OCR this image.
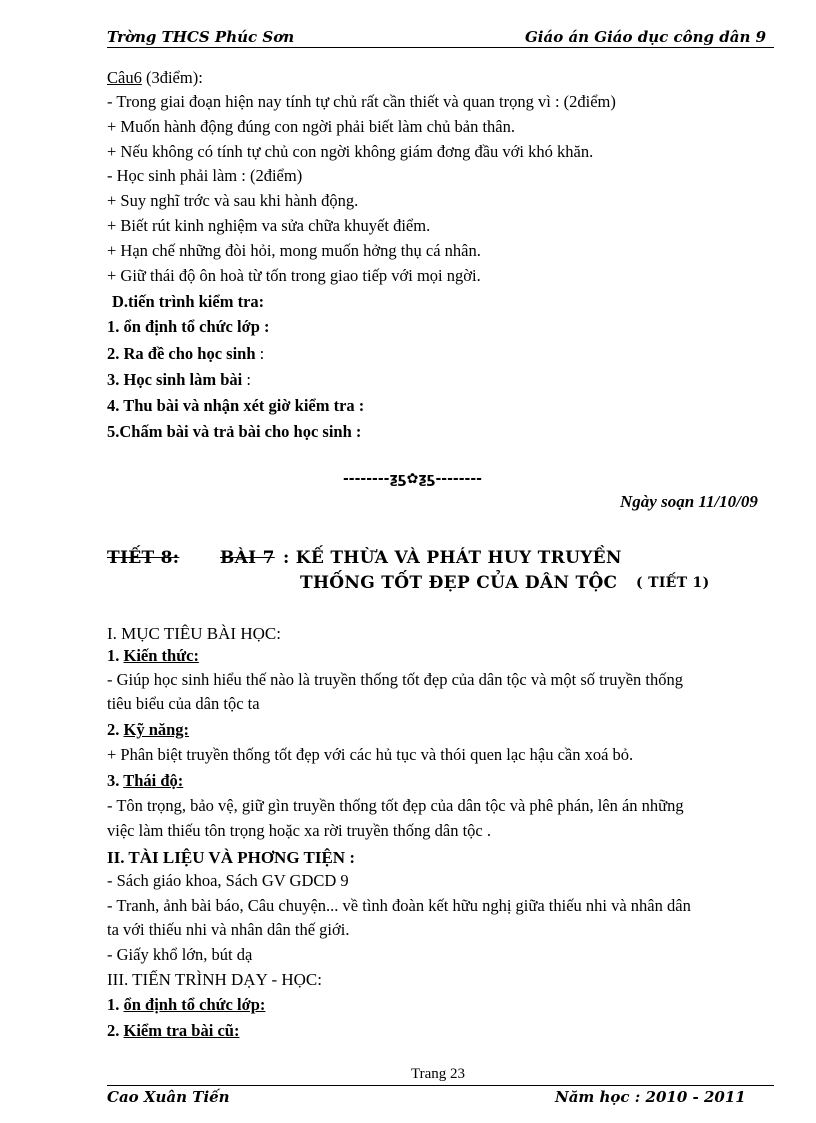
Trờng THCS Phúc Sơn	Giáo án Giáo dục công dân 9
Câu6 (3điểm):
- Trong giai đoạn hiện nay tính tự chủ rất cần thiết và quan trọng vì : (2điểm)
+ Muốn hành động đúng con ngời phải biết làm chủ bản thân.
+ Nếu không có tính tự chủ con ngời không giám đơng đầu với khó khăn.
- Học sinh phải làm : (2điểm)
+ Suy nghĩ trớc và sau khi hành động.
+ Biết rút kinh nghiệm va sửa chữa khuyết điểm.
+ Hạn chế những đòi hỏi, mong muốn hởng thụ cá nhân.
+ Giữ thái độ ôn hoà từ tốn trong giao tiếp với mọi ngời.
D.tiến trình kiểm tra:
1. ổn định tổ chức lớp :
2. Ra đề cho học sinh :
3. Học sinh làm bài :
4. Thu bài và nhận xét giờ kiểm tra :
5.Chấm bài và trả bài cho học sinh :
--------ƺƽ✿ƺƽ--------
Ngày soạn 11/10/09
TIẾT 8: BÀI 7 : KẾ THỪA VÀ PHÁT HUY TRUYỀN
THỐNG TỐT ĐẸP CỦA DÂN TỘC ( TIẾT 1)
I. MỤC TIÊU BÀI HỌC:
1. Kiến thức:
- Giúp học sinh hiểu thế nào là truyền thống tốt đẹp của dân tộc và một số truyền thống
tiêu biểu của dân tộc ta
2. Kỹ năng:
+ Phân biệt truyền thống tốt đẹp với các hủ tục và thói quen lạc hậu cần xoá bỏ.
3. Thái độ:
- Tôn trọng, bảo vệ, giữ gìn truyền thống tốt đẹp của dân tộc và phê phán, lên án những
việc làm thiếu tôn trọng hoặc xa rời truyền thống dân tộc .
II. TÀI LIỆU VÀ PHƠNG TIỆN :
- Sách giáo khoa, Sách GV GDCD 9
- Tranh, ảnh bài báo, Câu chuyện... về tình đoàn kết hữu nghị giữa thiếu nhi và nhân dân
ta với thiếu nhi và nhân dân thế giới.
- Giấy khổ lớn, bút dạ
III. TIẾN TRÌNH DẠY - HỌC:
1. ổn định tổ chức lớp:
2. Kiểm tra bài cũ:
Trang 23
Cao Xuân Tiến	Năm học : 2010 - 2011
